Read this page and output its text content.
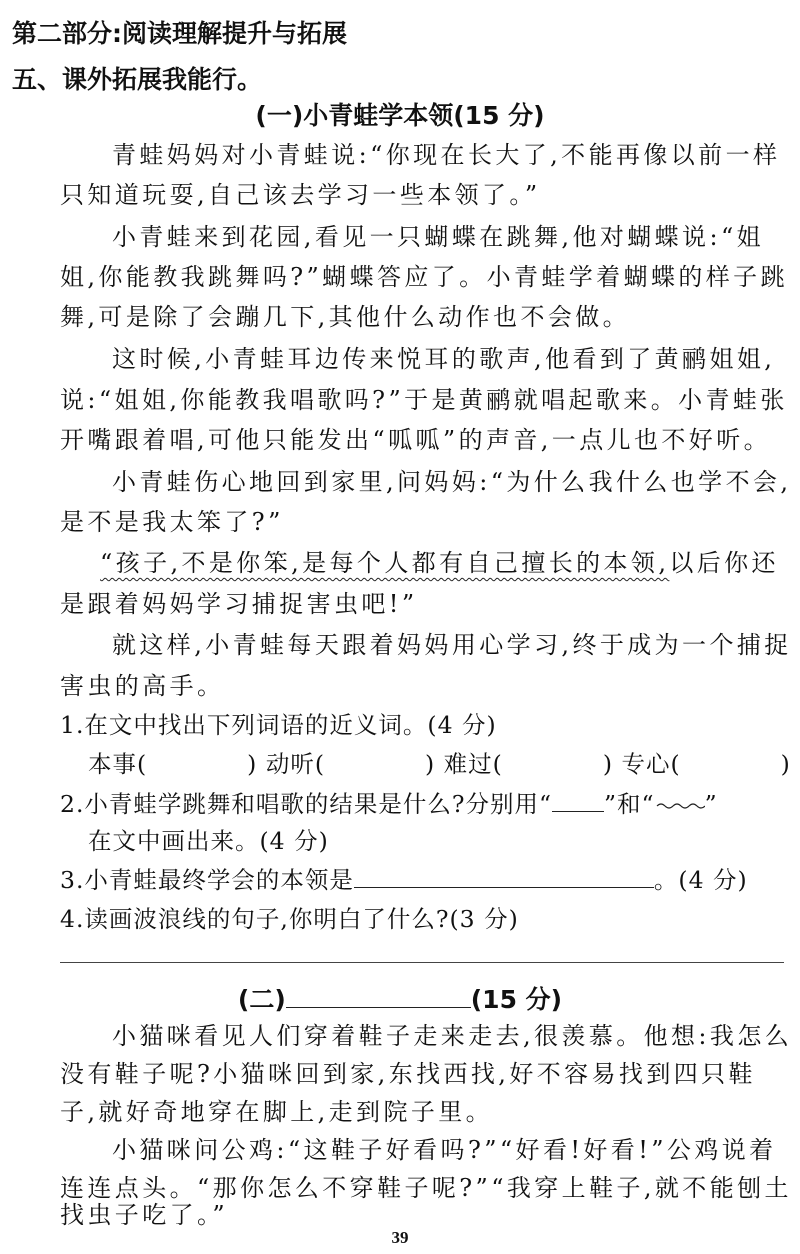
第二部分:阅读理解提升与拓展
五、课外拓展我能行。
(一)小青蛙学本领(15 分)
青蛙妈妈对小青蛙说:“你现在长大了,不能再像以前一样
只知道玩耍,自己该去学习一些本领了。”
小青蛙来到花园,看见一只蝴蝶在跳舞,他对蝴蝶说:“姐
姐,你能教我跳舞吗?”蝴蝶答应了。小青蛙学着蝴蝶的样子跳
舞,可是除了会蹦几下,其他什么动作也不会做。
这时候,小青蛙耳边传来悦耳的歌声,他看到了黄鹂姐姐,
说:“姐姐,你能教我唱歌吗?”于是黄鹂就唱起歌来。小青蛙张
开嘴跟着唱,可他只能发出“呱呱”的声音,一点儿也不好听。
小青蛙伤心地回到家里,问妈妈:“为什么我什么也学不会,
是不是我太笨了?”
“孩子,不是你笨,是每个人都有自己擅长的本领,以后你还
是跟着妈妈学习捕捉害虫吧!”
就这样,小青蛙每天跟着妈妈用心学习,终于成为一个捕捉
害虫的高手。
1.在文中找出下列词语的近义词。(4 分)
本事(	) 动听(	) 难过(	) 专心(	)
2.小青蛙学跳舞和唱歌的结果是什么?分别用“ ”和“ ”
在文中画出来。(4 分)
3.小青蛙最终学会的本领是	。(4 分)
4.读画波浪线的句子,你明白了什么?(3 分)
(二)	(15 分)
小猫咪看见人们穿着鞋子走来走去,很羡慕。他想:我怎么
没有鞋子呢?小猫咪回到家,东找西找,好不容易找到四只鞋
子,就好奇地穿在脚上,走到院子里。
小猫咪问公鸡:“这鞋子好看吗?”“好看!好看!”公鸡说着
连连点头。“那你怎么不穿鞋子呢?”“我穿上鞋子,就不能刨土
39
找虫子吃了。”
